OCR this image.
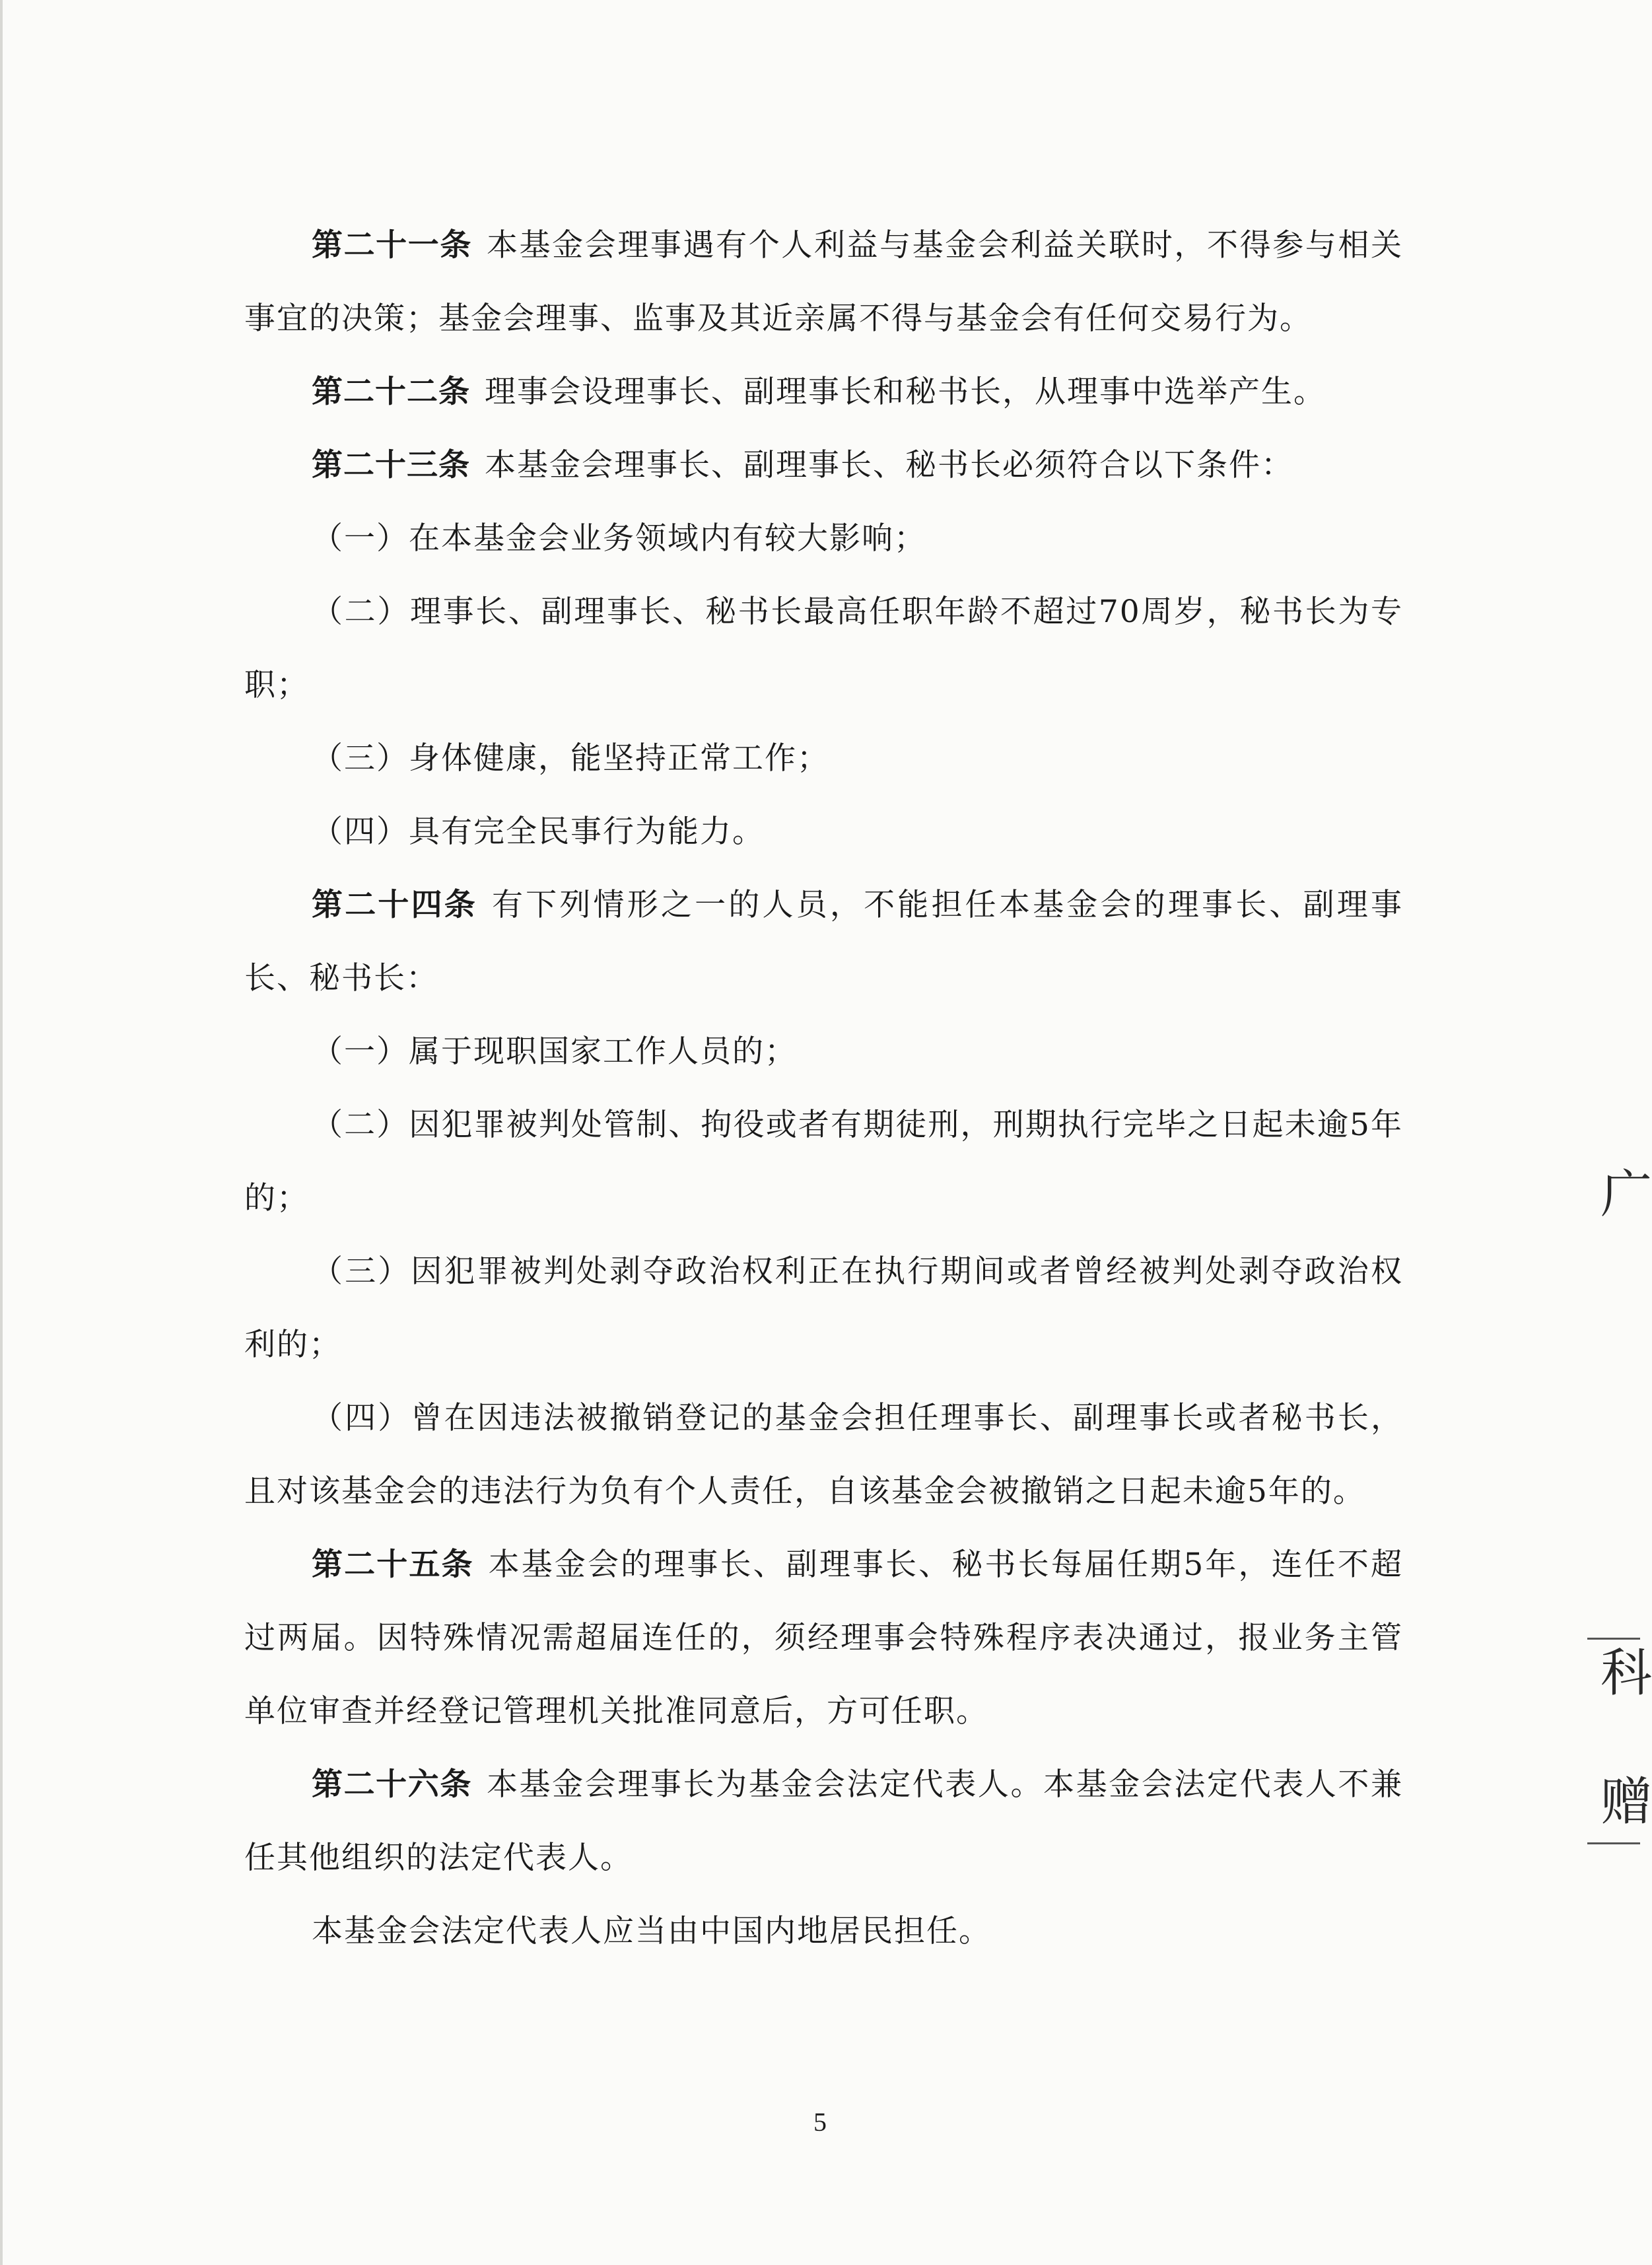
第二十一条 本基金会理事遇有个人利益与基金会利益关联时，不得参与相关事宜的决策；基金会理事、监事及其近亲属不得与基金会有任何交易行为。

第二十二条 理事会设理事长、副理事长和秘书长，从理事中选举产生。

第二十三条 本基金会理事长、副理事长、秘书长必须符合以下条件：

（一）在本基金会业务领域内有较大影响；

（二）理事长、副理事长、秘书长最高任职年龄不超过70周岁，秘书长为专职；

（三）身体健康，能坚持正常工作；

（四）具有完全民事行为能力。

第二十四条 有下列情形之一的人员，不能担任本基金会的理事长、副理事长、秘书长：

（一）属于现职国家工作人员的；

（二）因犯罪被判处管制、拘役或者有期徒刑，刑期执行完毕之日起未逾5年的；

（三）因犯罪被判处剥夺政治权利正在执行期间或者曾经被判处剥夺政治权利的；

（四）曾在因违法被撤销登记的基金会担任理事长、副理事长或者秘书长，且对该基金会的违法行为负有个人责任，自该基金会被撤销之日起未逾5年的。

第二十五条 本基金会的理事长、副理事长、秘书长每届任期5年，连任不超过两届。因特殊情况需超届连任的，须经理事会特殊程序表决通过，报业务主管单位审查并经登记管理机关批准同意后，方可任职。

第二十六条 本基金会理事长为基金会法定代表人。本基金会法定代表人不兼任其他组织的法定代表人。

本基金会法定代表人应当由中国内地居民担任。

5
广
科
赠
